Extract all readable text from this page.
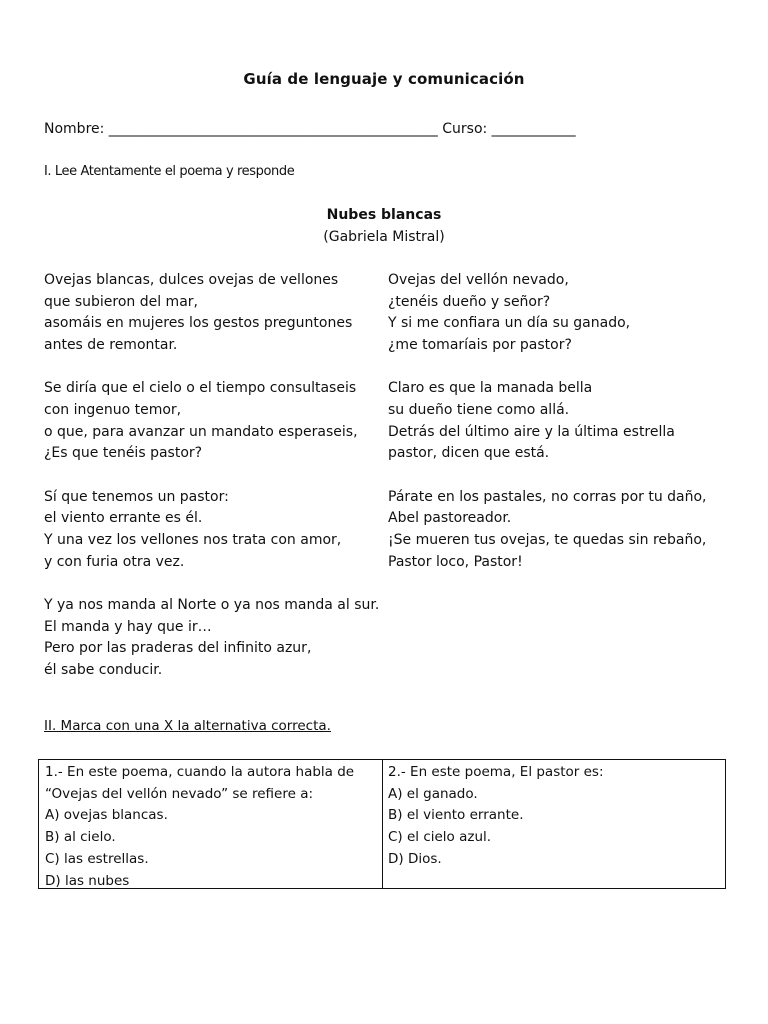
Guía de lenguaje y comunicación
Nombre: _______________________________________________ Curso: ____________
I. Lee Atentamente el poema y responde
Nubes blancas
(Gabriela Mistral)
Ovejas blancas, dulces ovejas de vellones
que subieron del mar,
asomáis en mujeres los gestos preguntones
antes de remontar.
Se diría que el cielo o el tiempo consultaseis
con ingenuo temor,
o que, para avanzar un mandato esperaseis,
¿Es que tenéis pastor?
Sí que tenemos un pastor:
el viento errante es él.
Y una vez los vellones nos trata con amor,
y con furia otra vez.
Y ya nos manda al Norte o ya nos manda al sur.
El manda y hay que ir…
Pero por las praderas del infinito azur,
él sabe conducir.
Ovejas del vellón nevado,
¿tenéis dueño y señor?
Y si me confiara un día su ganado,
¿me tomaríais por pastor?
Claro es que la manada bella
su dueño tiene como allá.
Detrás del último aire y la última estrella
pastor, dicen que está.
Párate en los pastales, no corras por tu daño,
Abel pastoreador.
¡Se mueren tus ovejas, te quedas sin rebaño,
Pastor loco, Pastor!
II. Marca con una X la alternativa correcta.
1.- En este poema, cuando la autora habla de
“Ovejas del vellón nevado” se refiere a:
A) ovejas blancas.
B) al cielo.
C) las estrellas.
D) las nubes
2.- En este poema, El pastor es:
A) el ganado.
B) el viento errante.
C) el cielo azul.
D) Dios.
